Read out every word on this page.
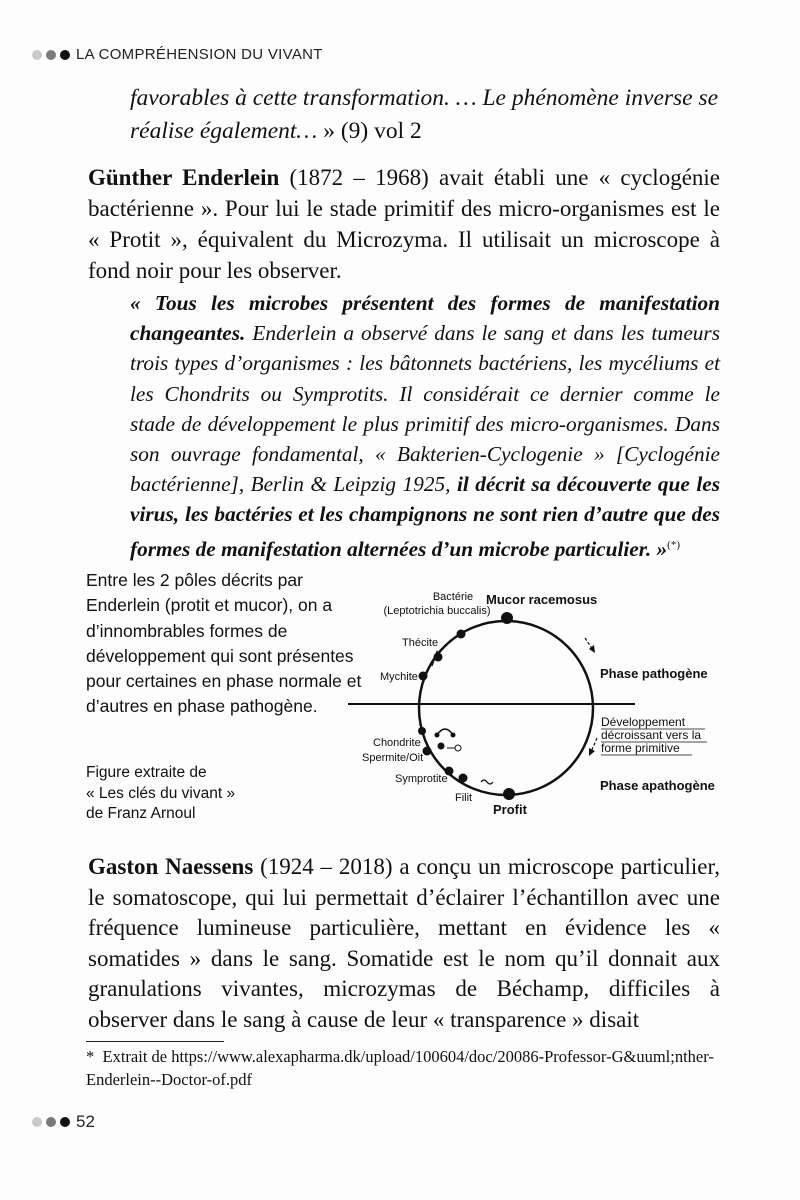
LA COMPRÉHENSION DU VIVANT
favorables à cette transformation. … Le phénomène inverse se
réalise également… » (9) vol 2
Günther Enderlein (1872 – 1968) avait établi une « cyclogénie bactérienne ». Pour lui le stade primitif des micro-organismes est le « Protit », équivalent du Microzyma. Il utilisait un microscope à fond noir pour les observer.
« Tous les microbes présentent des formes de manifestation changeantes. Enderlein a observé dans le sang et dans les tumeurs trois types d’organismes : les bâtonnets bactériens, les mycéliums et les Chondrits ou Symprotits. Il considérait ce dernier comme le stade de développement le plus primitif des micro-organismes. Dans son ouvrage fondamental, « Bakterien-Cyclogenie » [Cyclogénie bactérienne], Berlin & Leipzig 1925, il décrit sa découverte que les virus, les bactéries et les champignons ne sont rien d’autre que des formes de manifestation alternées d’un microbe particulier. »(*)
Entre les 2 pôles décrits par Enderlein (protit et mucor), on a d’innombrables formes de développement qui sont présentes pour certaines en phase normale et d’autres en phase pathogène.
Figure extraite de
« Les clés du vivant »
de Franz Arnoul
Bactérie
(Leptotrichia buccalis)
Mucor racemosus
Thécite
Mychite	Phase pathogène
Développement
décroissant vers la
forme primitive
Chondrite
Spermite/Oit
Symprotite
Filit
Profit
Phase apathogène
Gaston Naessens (1924 – 2018) a conçu un microscope particulier, le somatoscope, qui lui permettait d’éclairer l’échantillon avec une fréquence lumineuse particulière, mettant en évidence les « somatides » dans le sang. Somatide est le nom qu’il donnait aux granulations vivantes, microzymas de Béchamp, difficiles à observer dans le sang à cause de leur « transparence » disait
* Extrait de https://www.alexapharma.dk/upload/100604/doc/20086-Professor-G&uuml;nther-Enderlein--Doctor-of.pdf
52
